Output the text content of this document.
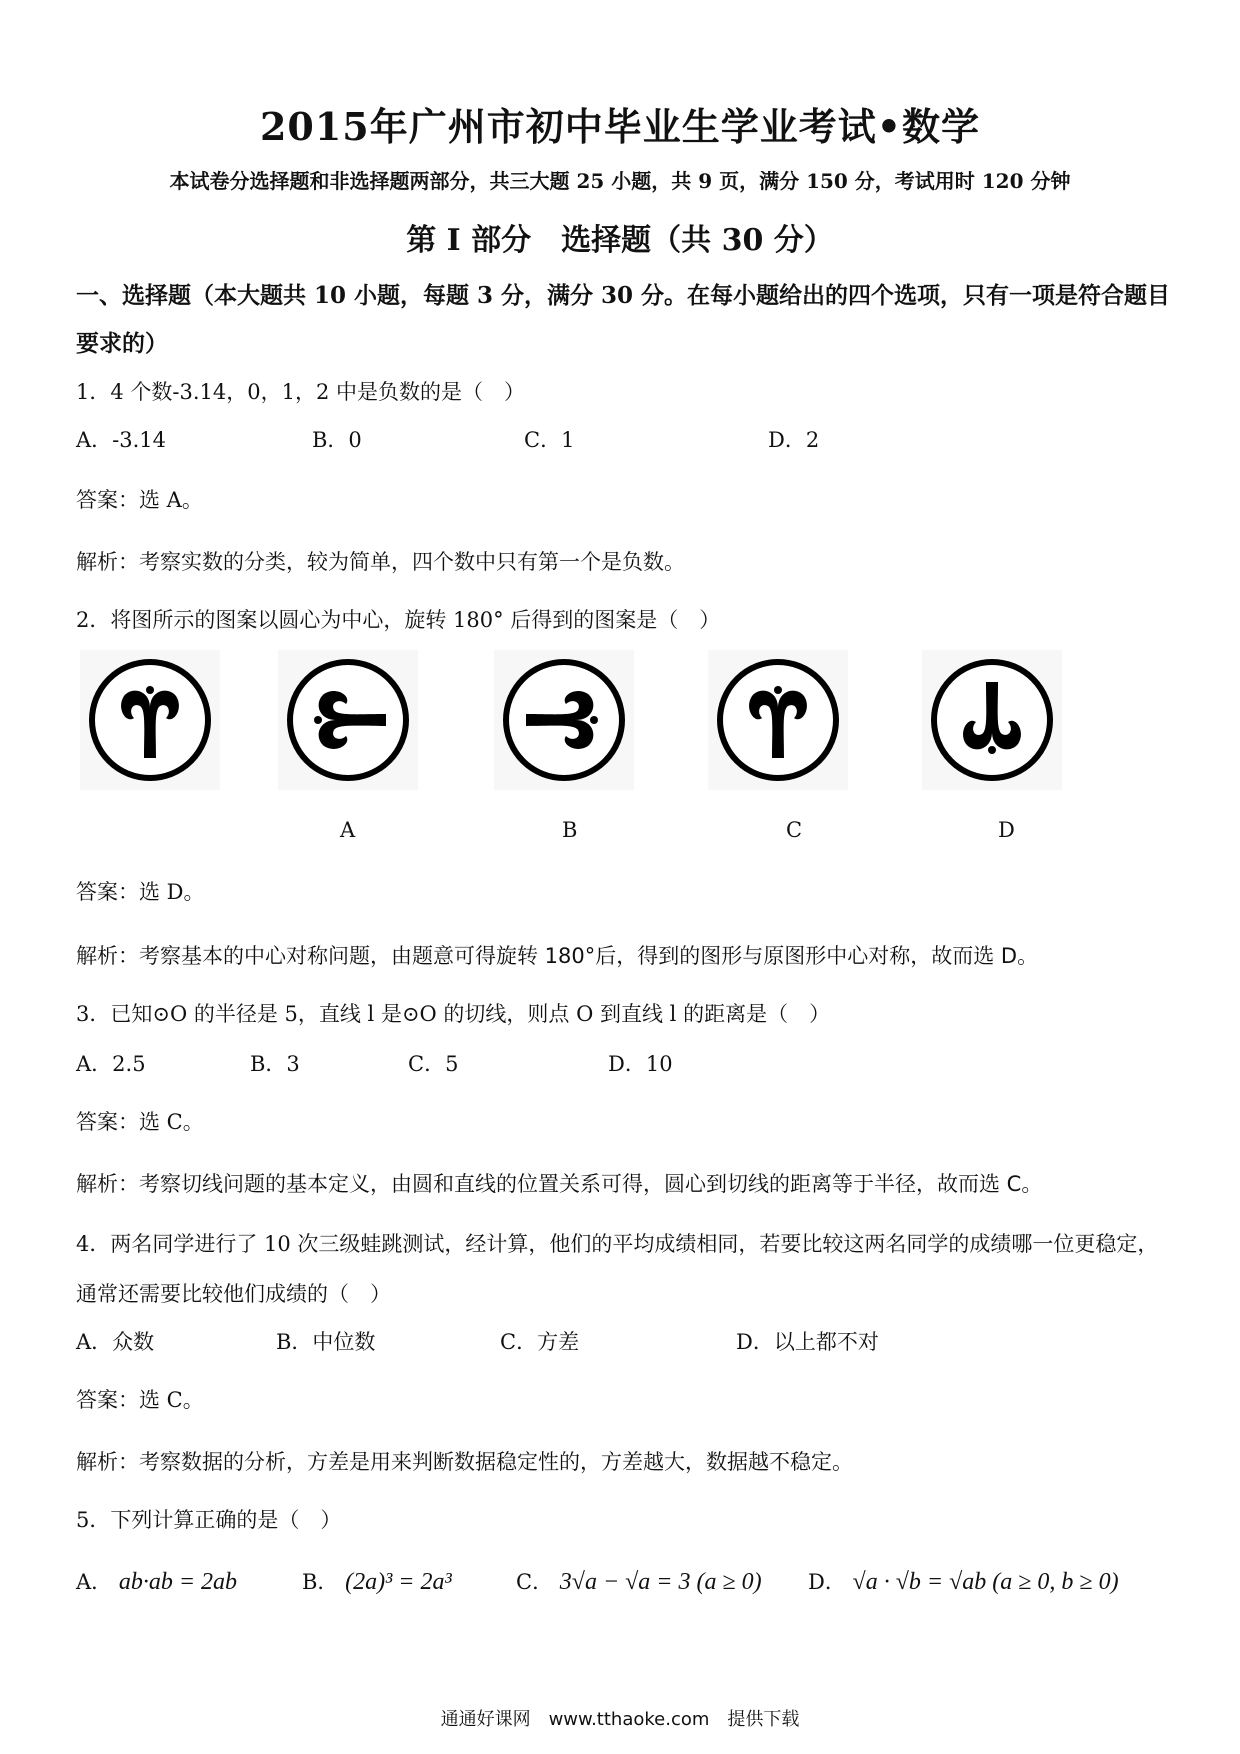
2015年广州市初中毕业生学业考试•数学
本试卷分选择题和非选择题两部分，共三大题 25 小题，共 9 页，满分 150 分，考试用时 120 分钟
第 I 部分　选择题（共 30 分）
一、选择题（本大题共 10 小题，每题 3 分，满分 30 分。在每小题给出的四个选项，只有一项是符合题目要求的）
1．4 个数-3.14，0，1，2 中是负数的是（　）
A．-3.14	B．0	C．1	D．2
答案：选 A。
解析：考察实数的分类，较为简单，四个数中只有第一个是负数。
2．将图所示的图案以圆心为中心，旋转 180° 后得到的图案是（　）
A	B	C	D
答案：选 D。
解析：考察基本的中心对称问题，由题意可得旋转 180°后，得到的图形与原图形中心对称，故而选 D。
3．已知⊙O 的半径是 5，直线 l 是⊙O 的切线，则点 O 到直线 l 的距离是（　）
A．2.5	B．3	C．5	D．10
答案：选 C。
解析：考察切线问题的基本定义，由圆和直线的位置关系可得，圆心到切线的距离等于半径，故而选 C。
4．两名同学进行了 10 次三级蛙跳测试，经计算，他们的平均成绩相同，若要比较这两名同学的成绩哪一位更稳定，
通常还需要比较他们成绩的（　）
A．众数	B．中位数	C．方差	D．以上都不对
答案：选 C。
解析：考察数据的分析，方差是用来判断数据稳定性的，方差越大，数据越不稳定。
5．下列计算正确的是（　）
A． ab·ab = 2ab	B． (2a)³ = 2a³	C． 3√a − √a = 3 (a ≥ 0) D． √a · √b = √ab (a ≥ 0, b ≥ 0)
通通好课网　www.tthaoke.com　提供下载
